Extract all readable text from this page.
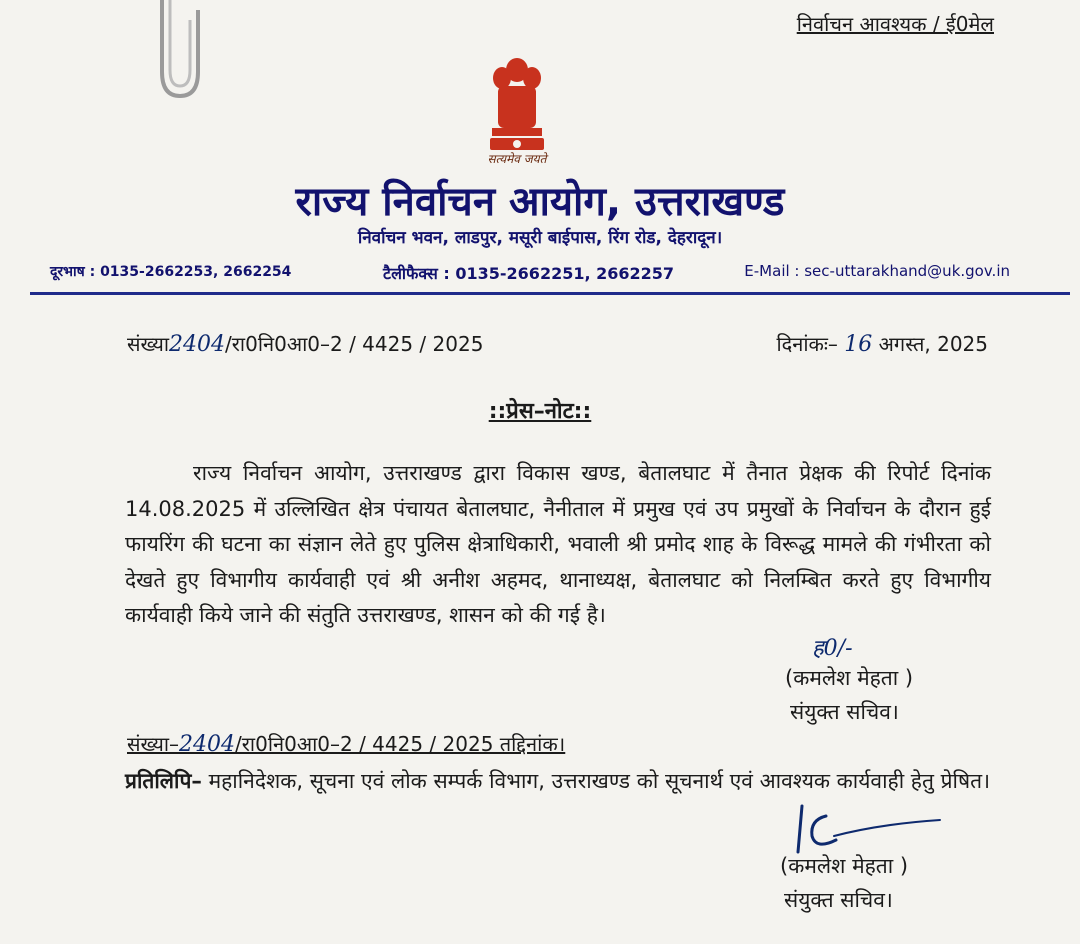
निर्वाचन आवश्यक / ई0मेल
सत्यमेव जयते
राज्य निर्वाचन आयोग, उत्तराखण्ड
निर्वाचन भवन, लाडपुर, मसूरी बाईपास, रिंग रोड, देहरादून।
दूरभाष : 0135-2662253, 2662254	टैलीफैक्स : 0135-2662251, 2662257	E-Mail : sec-uttarakhand@uk.gov.in
संख्या2404/रा0नि0आ0–2 / 4425 / 2025	दिनांकः– 16 अगस्त, 2025
::प्रेस–नोट::
राज्य निर्वाचन आयोग, उत्तराखण्ड द्वारा विकास खण्ड, बेतालघाट में तैनात प्रेक्षक की रिपोर्ट दिनांक 14.08.2025 में उल्लिखित क्षेत्र पंचायत बेतालघाट, नैनीताल में प्रमुख एवं उप प्रमुखों के निर्वाचन के दौरान हुई फायरिंग की घटना का संज्ञान लेते हुए पुलिस क्षेत्राधिकारी, भवाली श्री प्रमोद शाह के विरूद्ध मामले की गंभीरता को देखते हुए विभागीय कार्यवाही एवं श्री अनीश अहमद, थानाध्यक्ष, बेतालघाट को निलम्बित करते हुए विभागीय कार्यवाही किये जाने की संतुति उत्तराखण्ड, शासन को की गई है।
ह0/-
(कमलेश मेहता )
संयुक्त सचिव।
संख्या–2404/रा0नि0आ0–2 / 4425 / 2025 तद्दिनांक।
प्रतिलिपि– महानिदेशक, सूचना एवं लोक सम्पर्क विभाग, उत्तराखण्ड को सूचनार्थ एवं आवश्यक कार्यवाही हेतु प्रेषित।
(कमलेश मेहता )
संयुक्त सचिव।
